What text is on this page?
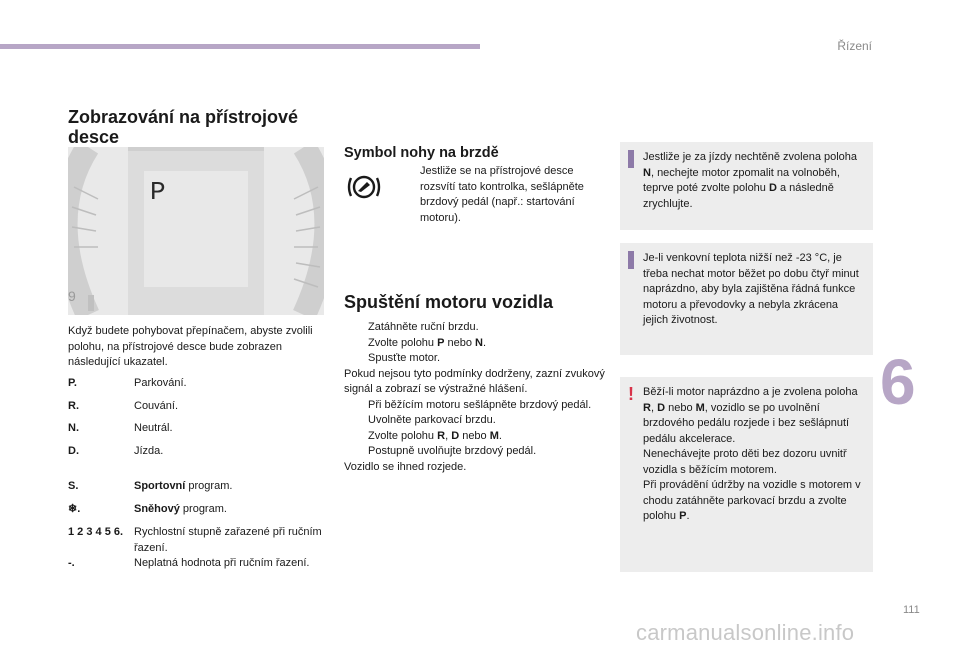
Řízení
6
111
carmanualsonline.info
Zobrazování na přístrojové desce
P
9
Když budete pohybovat přepínačem, abyste zvolili polohu, na přístrojové desce bude zobrazen následující ukazatel.
P.	Parkování.
R.	Couvání.
N.	Neutrál.
D.	Jízda.
S.	Sportovní program.
❄.	Sněhový program.
1 2 3 4 5 6. Rychlostní stupně zařazené při ručním řazení.
-.	Neplatná hodnota při ručním řazení.
Symbol nohy na brzdě
Jestliže se na přístrojové desce rozsvítí tato kontrolka, sešlápněte brzdový pedál (např.: startování motoru).
Spuštění motoru vozidla
Zatáhněte ruční brzdu.
Zvolte polohu P nebo N.
Spusťte motor.
Pokud nejsou tyto podmínky dodrženy, zazní zvukový signál a zobrazí se výstražné hlášení.
Při běžícím motoru sešlápněte brzdový pedál.
Uvolněte parkovací brzdu.
Zvolte polohu R, D nebo M.
Postupně uvolňujte brzdový pedál.
Vozidlo se ihned rozjede.
Jestliže je za jízdy nechtěně zvolena poloha N, nechejte motor zpomalit na volnoběh, teprve poté zvolte polohu D a následně zrychlujte.
Je-li venkovní teplota nižší než -23 °C, je třeba nechat motor běžet po dobu čtyř minut naprázdno, aby byla zajištěna řádná funkce motoru a převodovky a nebyla zkrácena jejich životnost.
! Běží-li motor naprázdno a je zvolena poloha R, D nebo M, vozidlo se po uvolnění brzdového pedálu rozjede i bez sešlápnutí pedálu akcelerace.
Nenechávejte proto děti bez dozoru uvnitř vozidla s běžícím motorem.
Při provádění údržby na vozidle s motorem v chodu zatáhněte parkovací brzdu a zvolte polohu P.
